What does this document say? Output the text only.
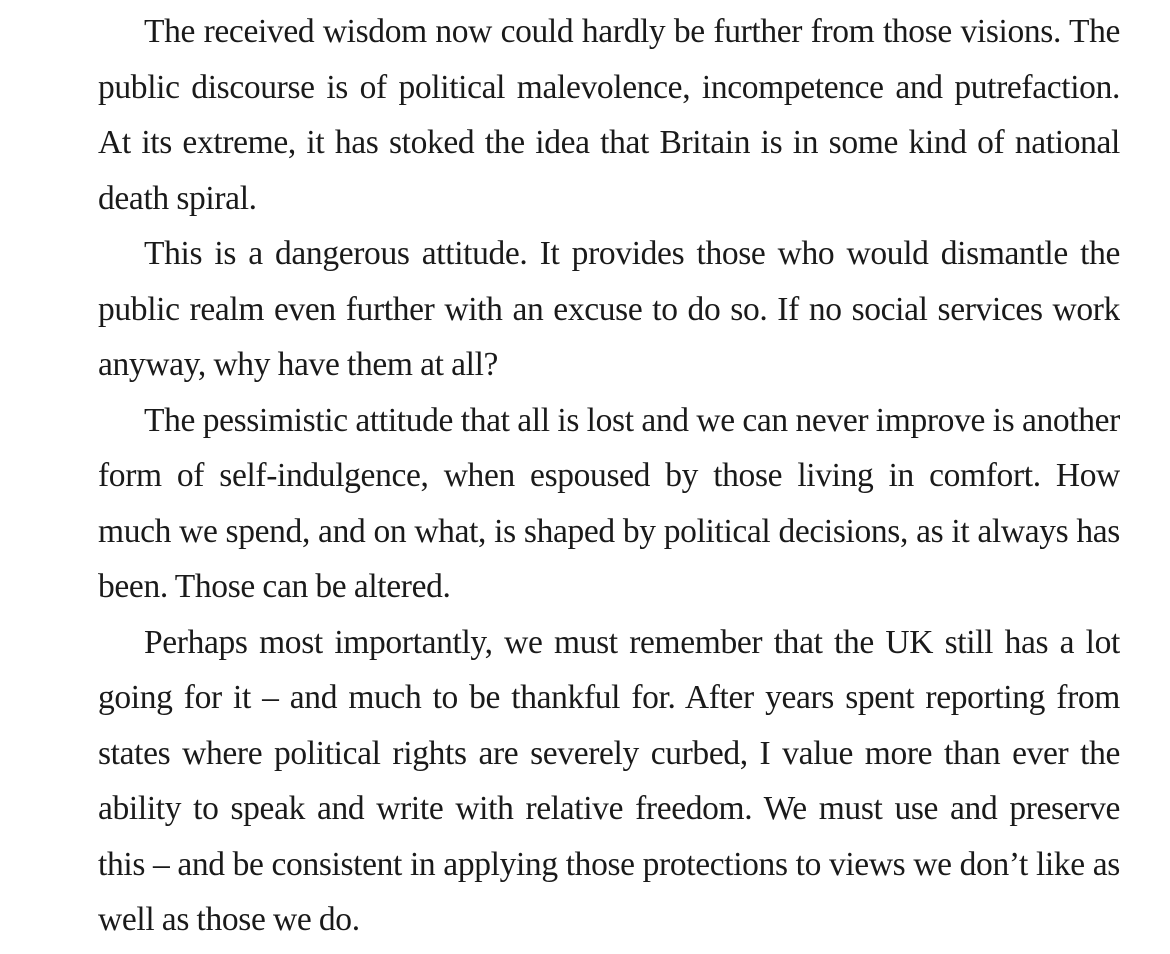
The received wisdom now could hardly be further from those visions. The public discourse is of political malevolence, incompetence and putrefaction. At its extreme, it has stoked the idea that Britain is in some kind of national death spiral.

This is a dangerous attitude. It provides those who would dismantle the public realm even further with an excuse to do so. If no social services work anyway, why have them at all?

The pessimistic attitude that all is lost and we can never improve is another form of self-indulgence, when espoused by those living in comfort. How much we spend, and on what, is shaped by political decisions, as it always has been. Those can be altered.

Perhaps most importantly, we must remember that the UK still has a lot going for it – and much to be thankful for. After years spent reporting from states where political rights are severely curbed, I value more than ever the ability to speak and write with relative freedom. We must use and preserve this – and be consistent in applying those protections to views we don’t like as well as those we do.
